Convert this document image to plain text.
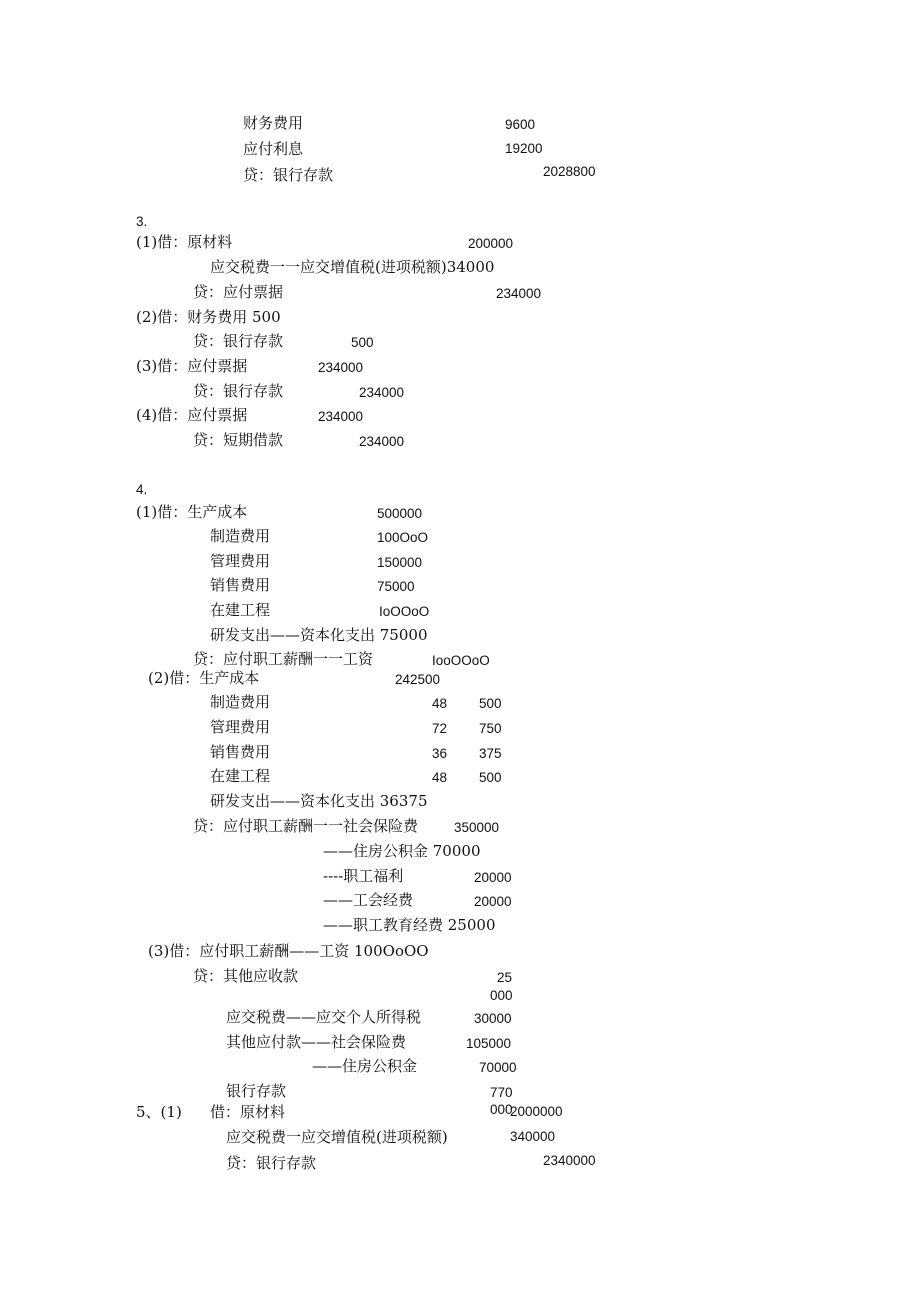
财务费用	9600
应付利息	19200
贷：银行存款	2028800
3.
(1)借：原材料	200000
应交税费一一应交增值税(进项税额)34000
贷：应付票据	234000
(2)借：财务费用 500
贷：银行存款	500
(3)借：应付票据	234000
贷：银行存款	234000
(4)借：应付票据	234000
贷：短期借款	234000
4.
(1)借：生产成本	500000
制造费用	100OoO
管理费用	150000
销售费用	75000
在建工程	IoOOoO
研发支出——资本化支出 75000
贷：应付职工薪酬一一工资	IooOOoO
(2)借：生产成本	242500
制造费用	48 500
管理费用	72 750
销售费用	36 375
在建工程	48 500
研发支出——资本化支出 36375
贷：应付职工薪酬一一社会保险费	350000
——住房公积金 70000
----职工福利	20000
——工会经费	20000
——职工教育经费 25000
(3)借：应付职工薪酬——工资 100OoOO
贷：其他应收款	25
000
应交税费——应交个人所得税	30000
其他应付款——社会保险费	105000
——住房公积金	70000
银行存款	770
000
5、(1) 借：原材料	2000000
应交税费一应交增值税(进项税额)	340000
贷：银行存款	2340000
